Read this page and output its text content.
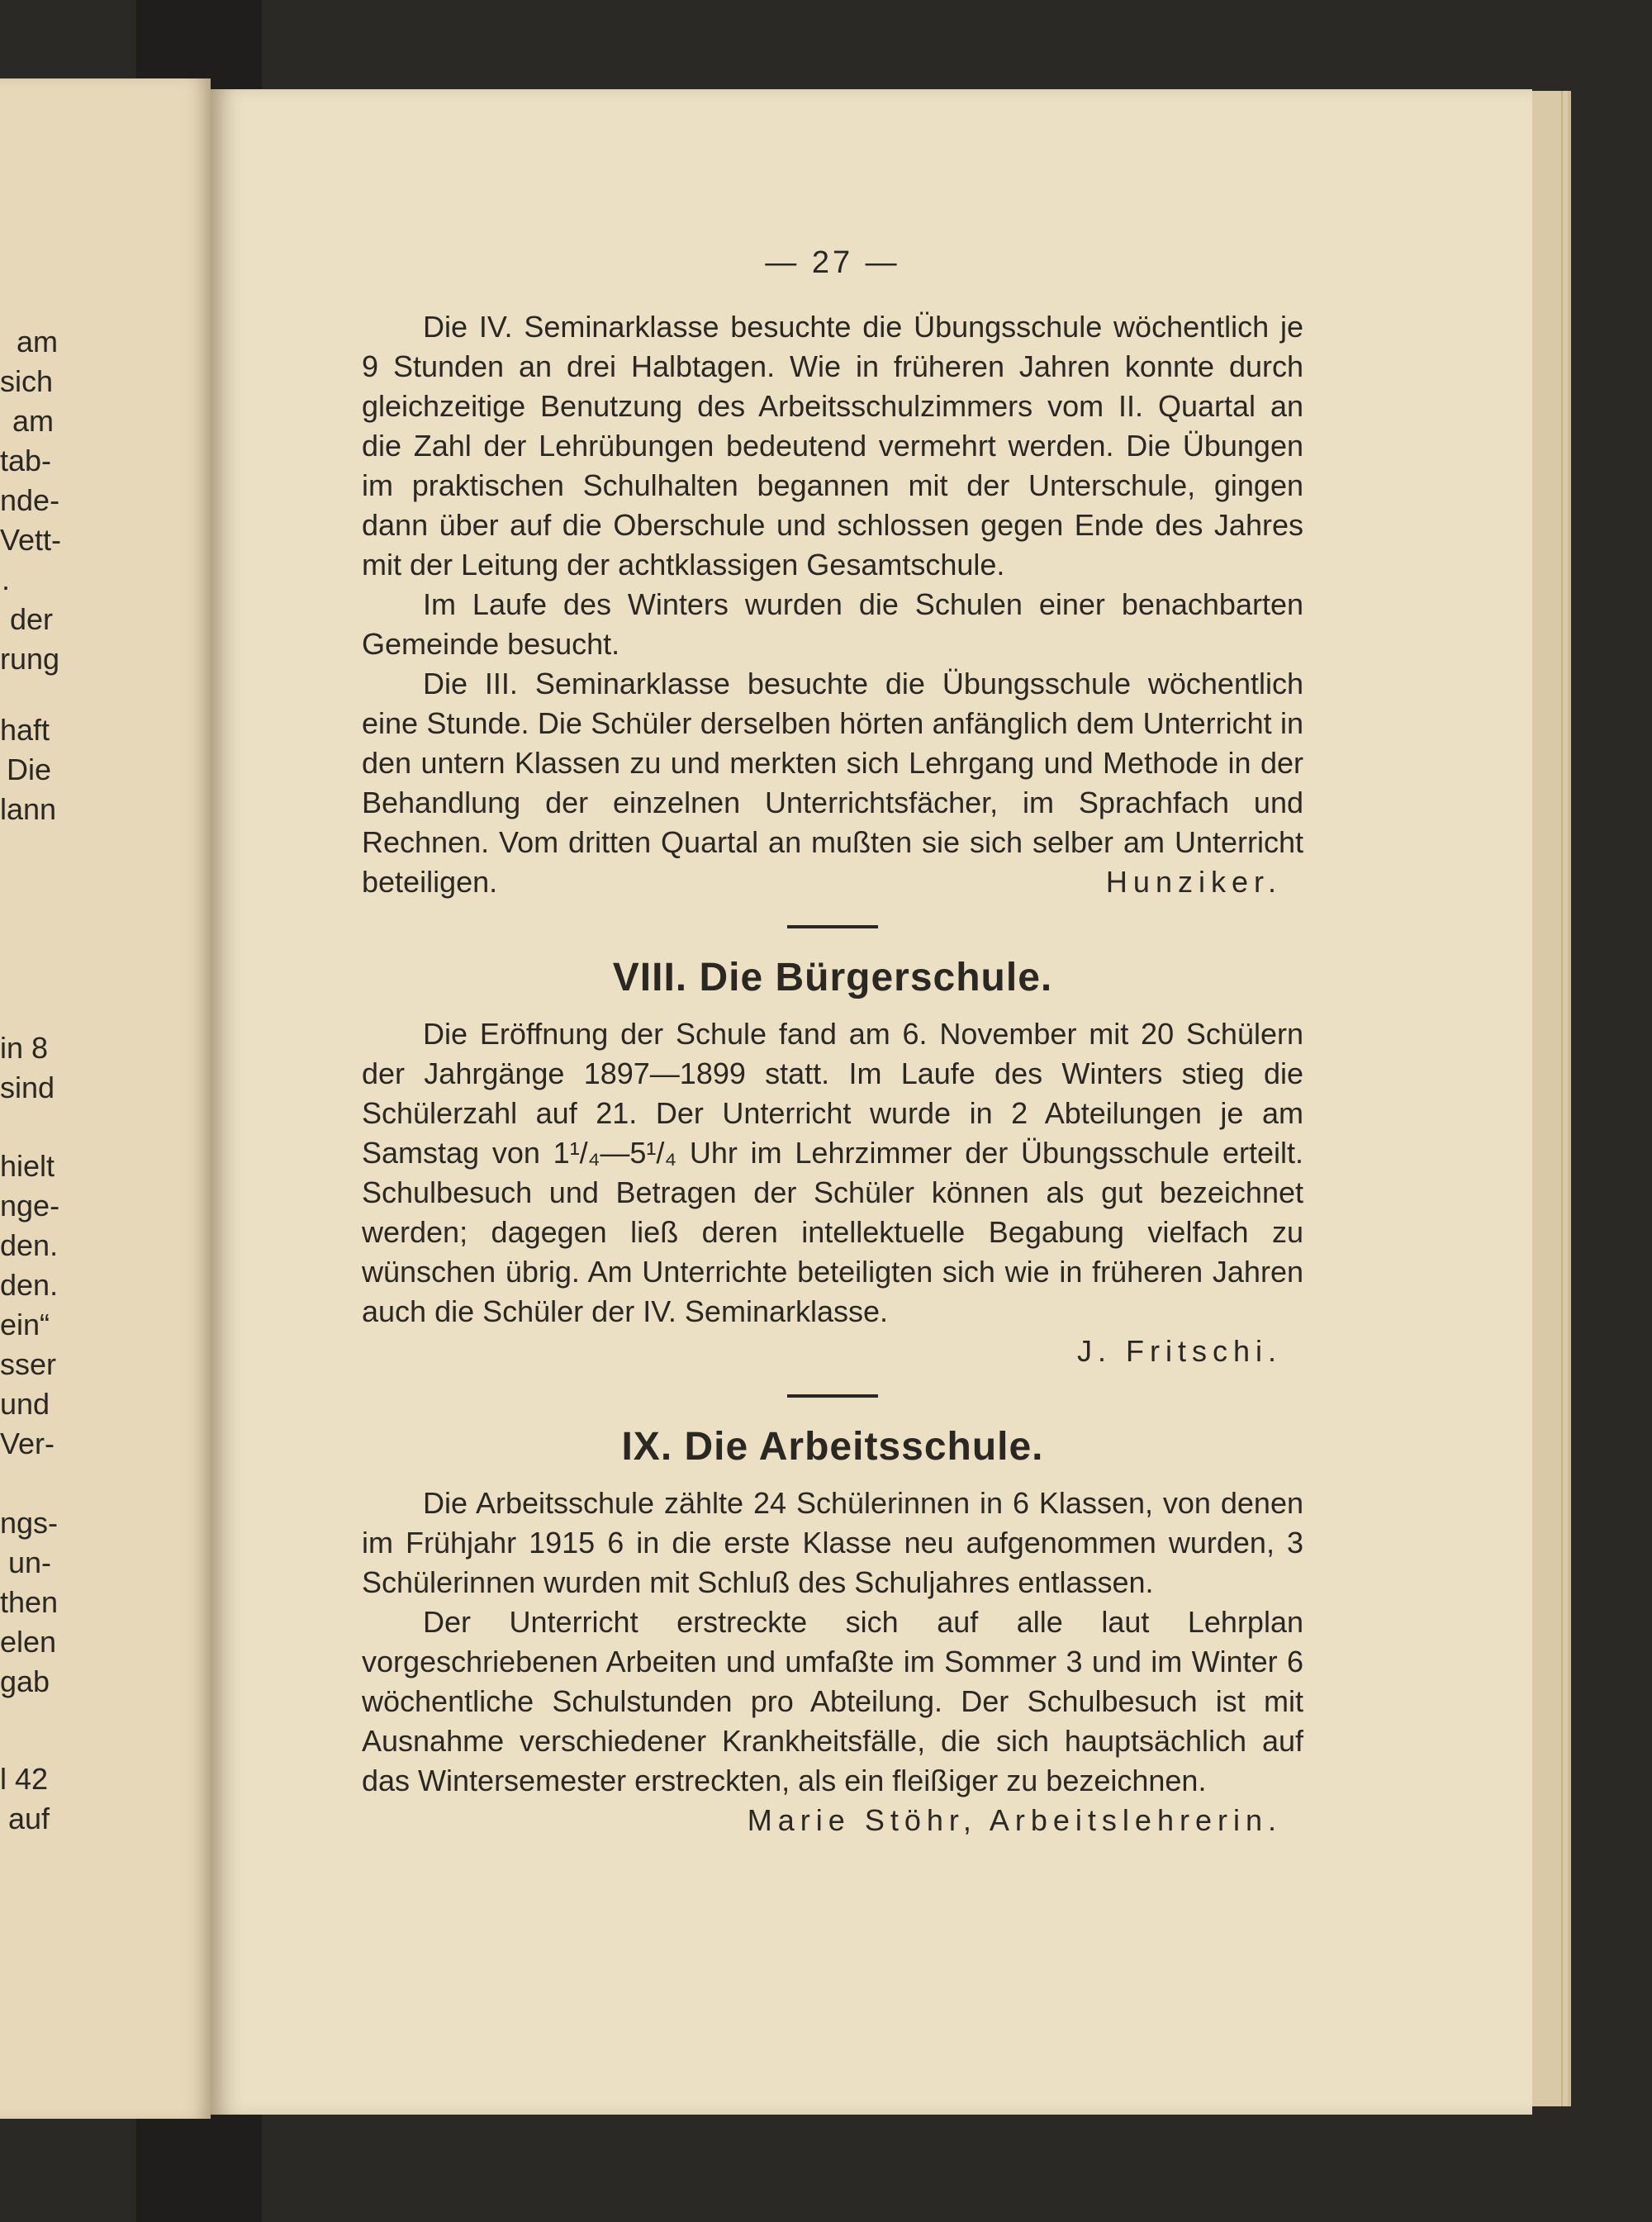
am

sich

am

tab-

nde-

Vett-

.

der

rung

haft

Die

lann

in 8

sind

hielt

nge-

den.

den.

ein“

sser

und

Ver-

ngs-

un-

then

elen

gab

l 42

auf

— 27 —

Die IV. Seminarklasse besuchte die Übungsschule wöchentlich je 9 Stunden an drei Halbtagen. Wie in früheren Jahren konnte durch gleichzeitige Benutzung des Arbeitsschulzimmers vom II. Quartal an die Zahl der Lehrübungen bedeutend vermehrt werden. Die Übungen im praktischen Schulhalten begannen mit der Unterschule, gingen dann über auf die Oberschule und schlossen gegen Ende des Jahres mit der Leitung der achtklassigen Gesamtschule.

Im Laufe des Winters wurden die Schulen einer benachbarten Gemeinde besucht.

Die III. Seminarklasse besuchte die Übungsschule wöchentlich eine Stunde. Die Schüler derselben hörten anfänglich dem Unterricht in den untern Klassen zu und merkten sich Lehrgang und Methode in der Behandlung der einzelnen Unterrichtsfächer, im Sprachfach und Rechnen. Vom dritten Quartal an mußten sie sich selber am Unterricht beteiligen.	Hunziker.

VIII. Die Bürgerschule.

Die Eröffnung der Schule fand am 6. November mit 20 Schülern der Jahrgänge 1897—1899 statt. Im Laufe des Winters stieg die Schülerzahl auf 21. Der Unterricht wurde in 2 Abteilungen je am Samstag von 1¹/₄—5¹/₄ Uhr im Lehrzimmer der Übungsschule erteilt. Schulbesuch und Betragen der Schüler können als gut bezeichnet werden; dagegen ließ deren intellektuelle Begabung vielfach zu wünschen übrig. Am Unterrichte beteiligten sich wie in früheren Jahren auch die Schüler der IV. Seminarklasse.

J. Fritschi.
IX. Die Arbeitsschule.

Die Arbeitsschule zählte 24 Schülerinnen in 6 Klassen, von denen im Frühjahr 1915 6 in die erste Klasse neu aufgenommen wurden, 3 Schülerinnen wurden mit Schluß des Schuljahres entlassen.

Der Unterricht erstreckte sich auf alle laut Lehrplan vorgeschriebenen Arbeiten und umfaßte im Sommer 3 und im Winter 6 wöchentliche Schulstunden pro Abteilung. Der Schulbesuch ist mit Ausnahme verschiedener Krankheitsfälle, die sich hauptsächlich auf das Wintersemester erstreckten, als ein fleißiger zu bezeichnen.
Marie Stöhr, Arbeitslehrerin.
